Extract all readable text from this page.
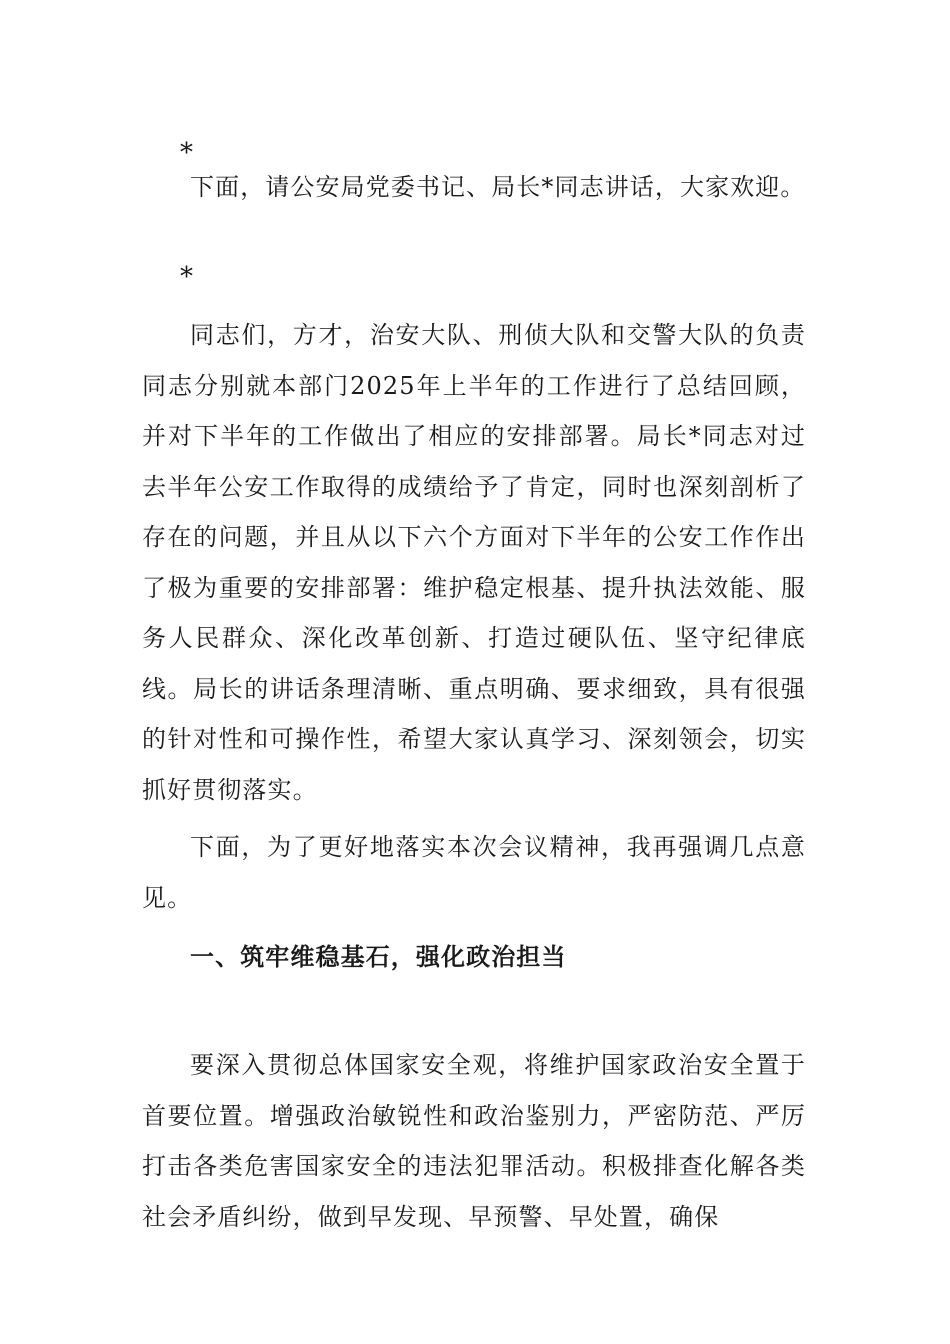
*

下面，请公安局党委书记、局长*同志讲话，大家欢迎。

*

同志们，方才，治安大队、刑侦大队和交警大队的负责同志分别就本部门2025年上半年的工作进行了总结回顾，并对下半年的工作做出了相应的安排部署。局长*同志对过去半年公安工作取得的成绩给予了肯定，同时也深刻剖析了存在的问题，并且从以下六个方面对下半年的公安工作作出了极为重要的安排部署：维护稳定根基、提升执法效能、服务人民群众、深化改革创新、打造过硬队伍、坚守纪律底线。局长的讲话条理清晰、重点明确、要求细致，具有很强的针对性和可操作性，希望大家认真学习、深刻领会，切实抓好贯彻落实。

下面，为了更好地落实本次会议精神，我再强调几点意见。

一、筑牢维稳基石，强化政治担当

要深入贯彻总体国家安全观，将维护国家政治安全置于首要位置。增强政治敏锐性和政治鉴别力，严密防范、严厉打击各类危害国家安全的违法犯罪活动。积极排查化解各类社会矛盾纠纷，做到早发现、早预警、早处置，确保
